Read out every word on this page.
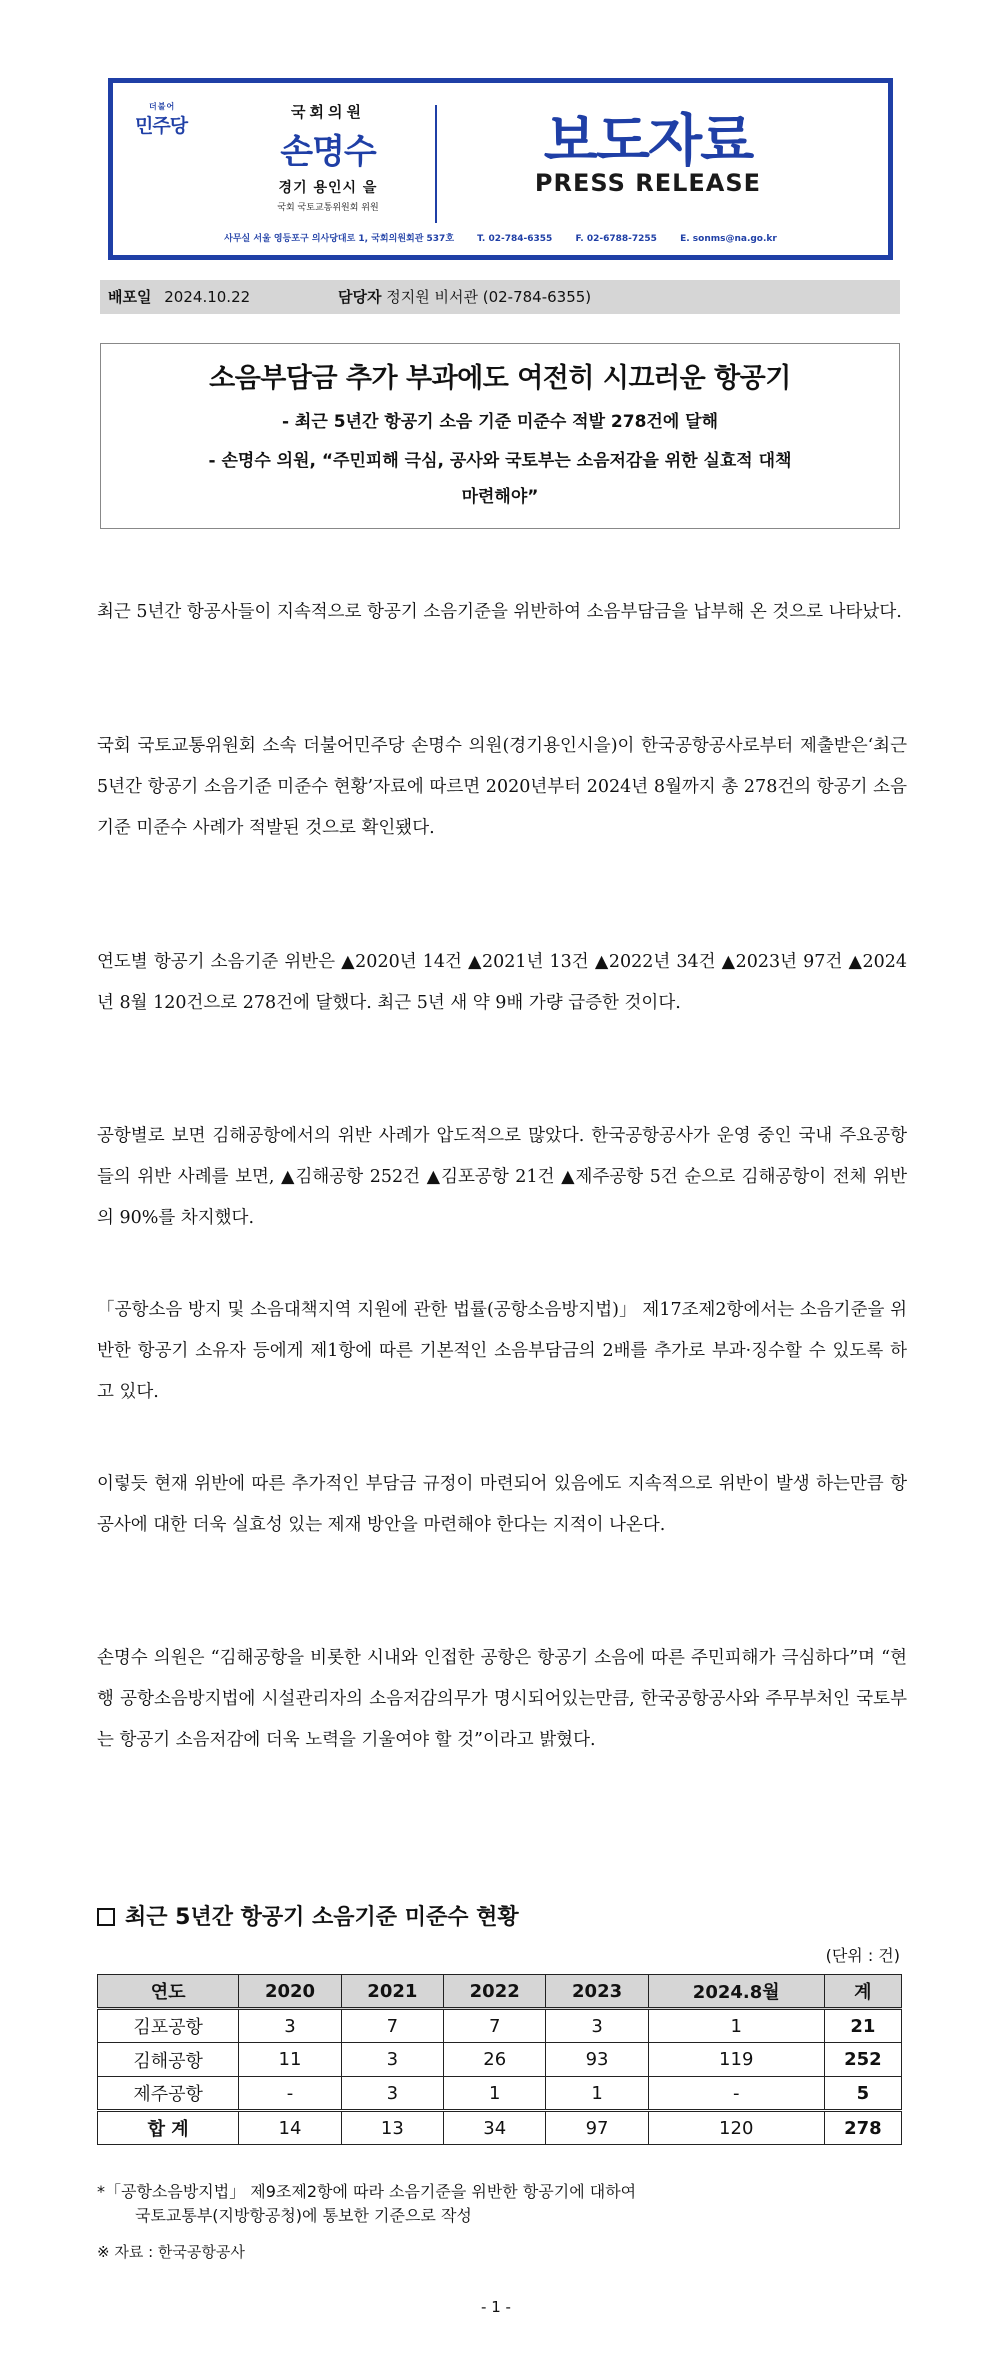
더불어
민주당
국회의원
손명수
경기 용인시 을
국회 국토교통위원회 위원
보도자료
PRESS RELEASE
사무실 서울 영등포구 의사당대로 1, 국회의원회관 537호	T. 02-784-6355	F. 02-6788-7255	E. sonms@na.go.kr
배포일 2024.10.22	담당자 정지원 비서관 (02-784-6355)
소음부담금 추가 부과에도 여전히 시끄러운 항공기
- 최근 5년간 항공기 소음 기준 미준수 적발 278건에 달해
- 손명수 의원, “주민피해 극심, 공사와 국토부는 소음저감을 위한 실효적 대책
마련해야”

최근 5년간 항공사들이 지속적으로 항공기 소음기준을 위반하여 소음부담금을 납부해 온 것으로 나타났다.

국회 국토교통위원회 소속 더불어민주당 손명수 의원(경기용인시을)이 한국공항공사로부터 제출받은‘최근 5년간 항공기 소음기준 미준수 현황’자료에 따르면 2020년부터 2024년 8월까지 총 278건의 항공기 소음기준 미준수 사례가 적발된 것으로 확인됐다.

연도별 항공기 소음기준 위반은 ▲2020년 14건 ▲2021년 13건 ▲2022년 34건 ▲2023년 97건 ▲2024년 8월 120건으로 278건에 달했다. 최근 5년 새 약 9배 가량 급증한 것이다.

공항별로 보면 김해공항에서의 위반 사례가 압도적으로 많았다. 한국공항공사가 운영 중인 국내 주요공항들의 위반 사례를 보면, ▲김해공항 252건 ▲김포공항 21건 ▲제주공항 5건 순으로 김해공항이 전체 위반의 90%를 차지했다.

「공항소음 방지 및 소음대책지역 지원에 관한 법률(공항소음방지법)」 제17조제2항에서는 소음기준을 위반한 항공기 소유자 등에게 제1항에 따른 기본적인 소음부담금의 2배를 추가로 부과·징수할 수 있도록 하고 있다.

이렇듯 현재 위반에 따른 추가적인 부담금 규정이 마련되어 있음에도 지속적으로 위반이 발생 하는만큼 항공사에 대한 더욱 실효성 있는 제재 방안을 마련해야 한다는 지적이 나온다.

손명수 의원은 “김해공항을 비롯한 시내와 인접한 공항은 항공기 소음에 따른 주민피해가 극심하다”며 “현행 공항소음방지법에 시설관리자의 소음저감의무가 명시되어있는만큼, 한국공항공사와 주무부처인 국토부는 항공기 소음저감에 더욱 노력을 기울여야 할 것”이라고 밝혔다.

최근 5년간 항공기 소음기준 미준수 현황
(단위 : 건)
연도	2020	2021	2022	2023	2024.8월	계
김포공항	3	7	7	3	1	21
김해공항	11	3	26	93	119	252
제주공항	-	3	1	1	-	5
합 계	14	13	34	97	120	278
*「공항소음방지법」 제9조제2항에 따라 소음기준을 위반한 항공기에 대하여
국토교통부(지방항공청)에 통보한 기준으로 작성
※ 자료 : 한국공항공사
- 1 -
